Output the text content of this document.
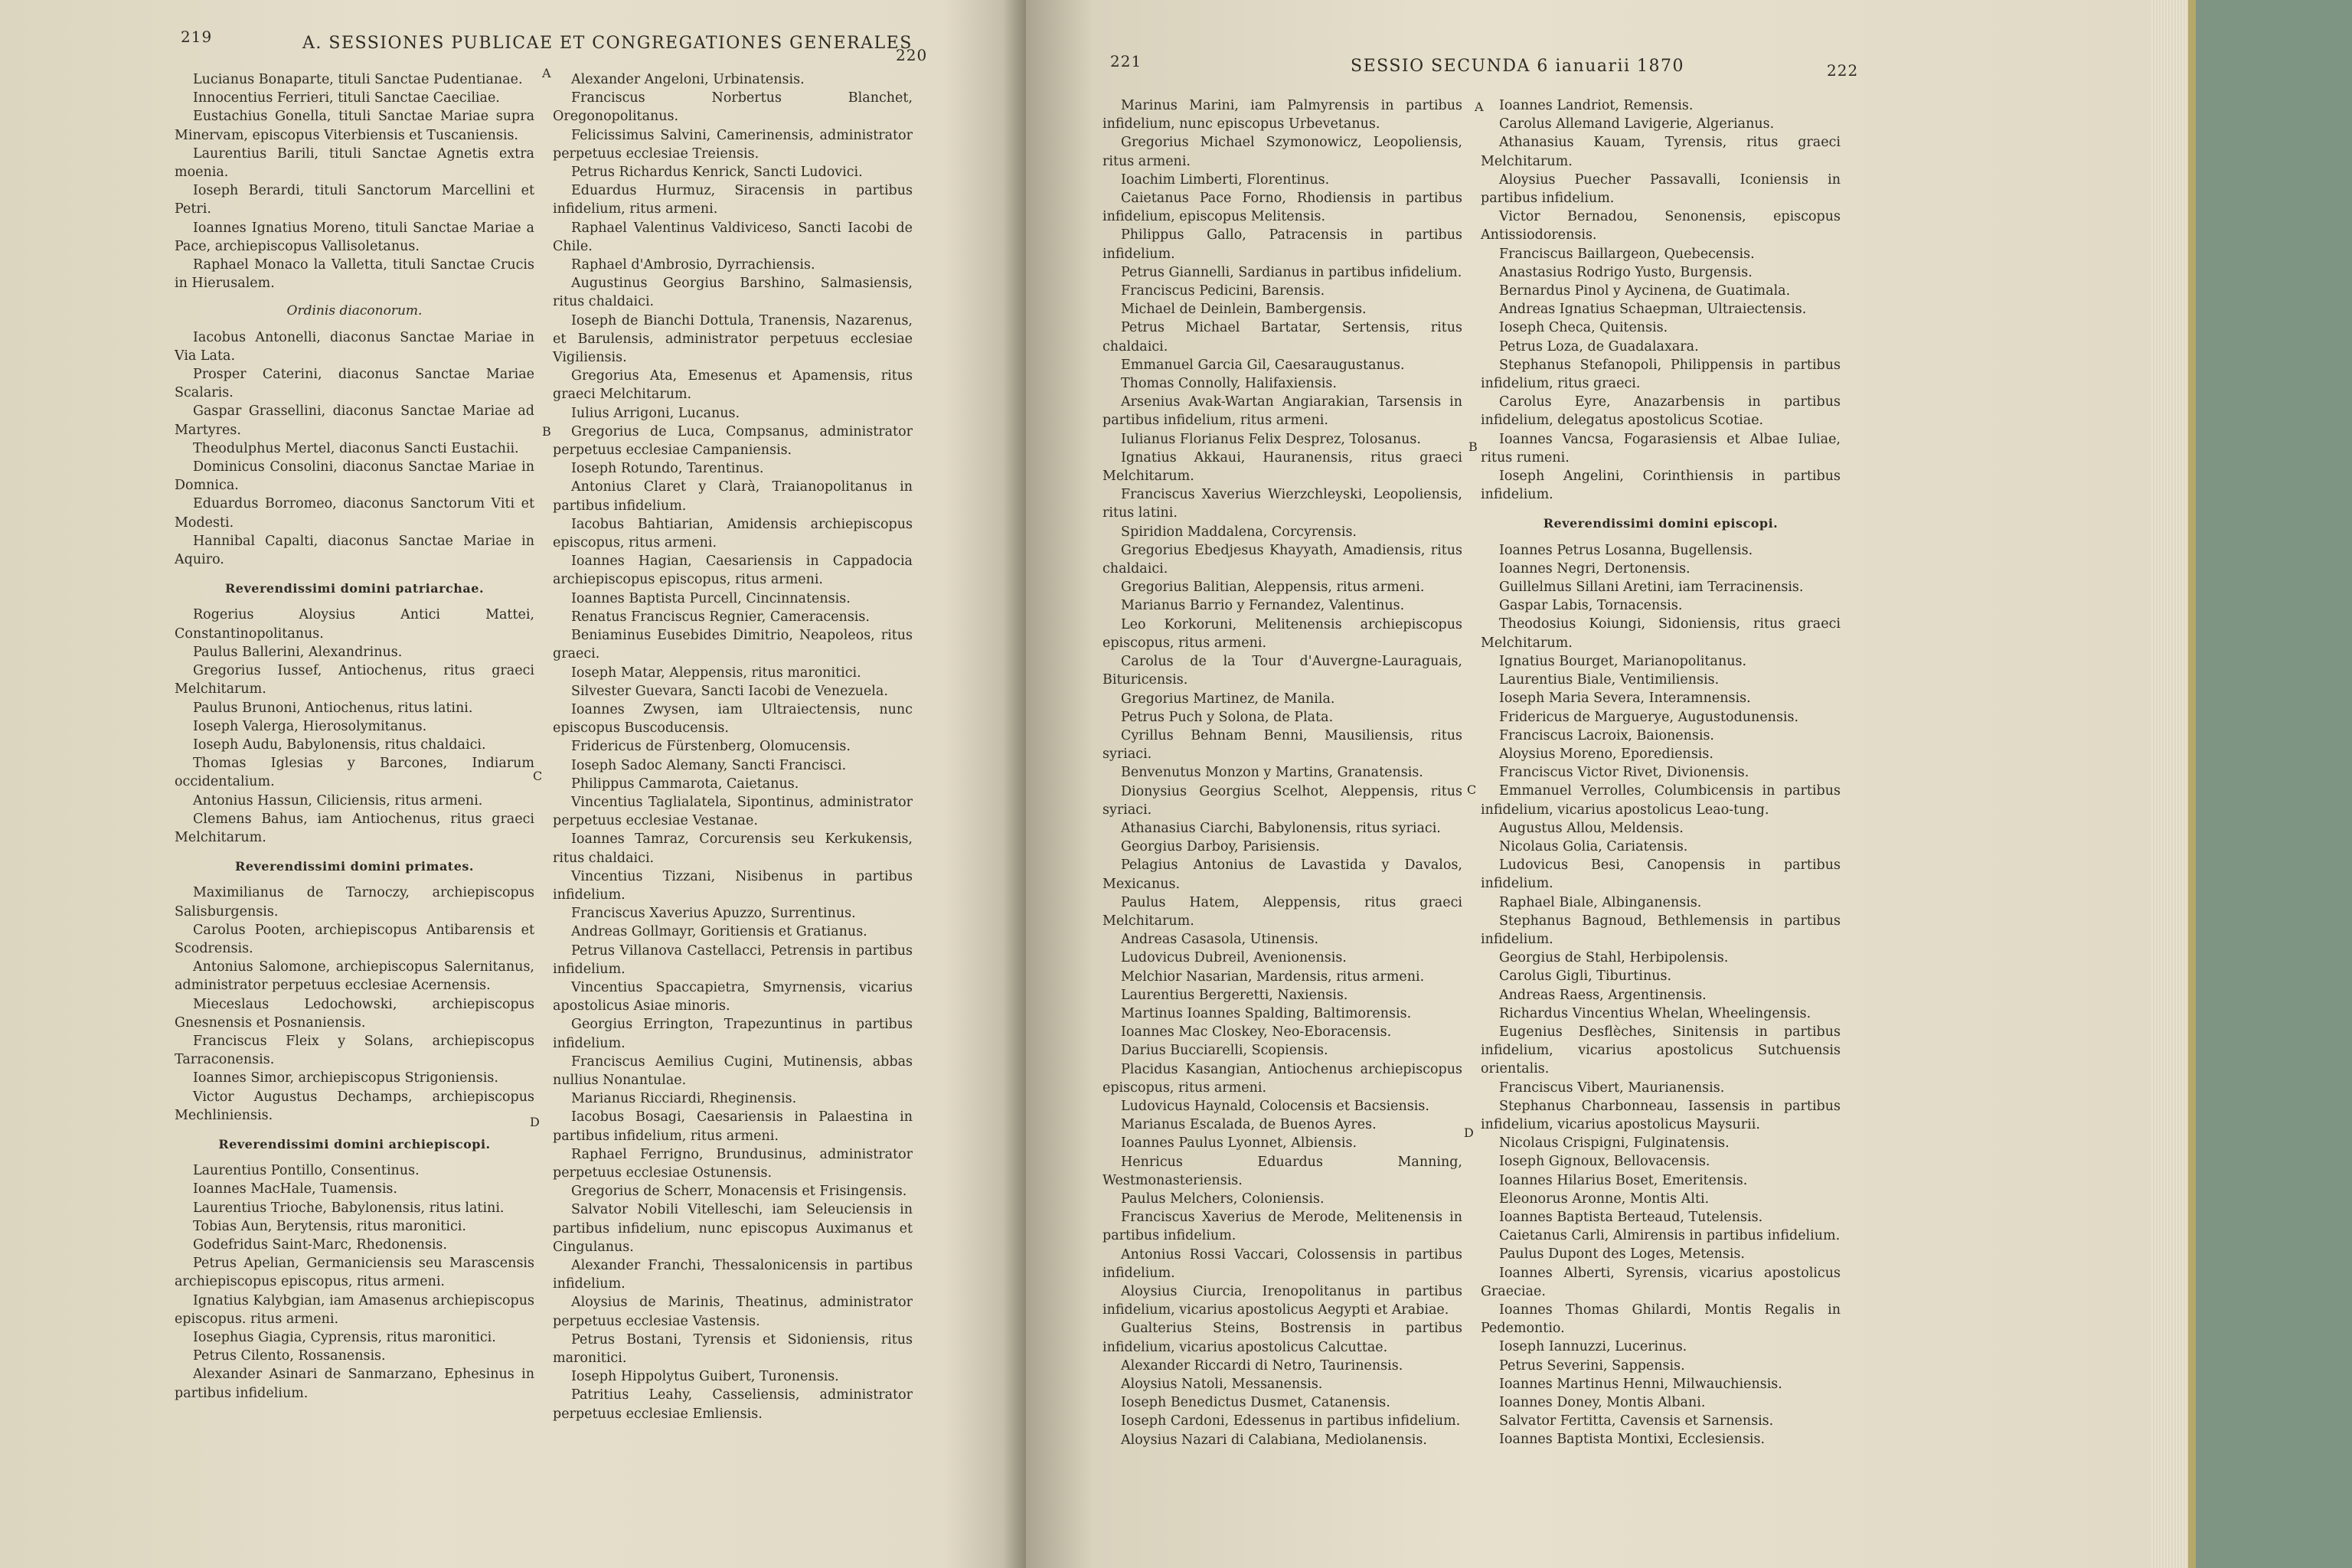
219	A. SESSIONES PUBLICAE ET CONGREGATIONES GENERALES
220

Lucianus Bonaparte, tituli Sanctae Pudentianae.

Innocentius Ferrieri, tituli Sanctae Caeciliae.

Eustachius Gonella, tituli Sanctae Mariae supra Minervam, episcopus Viterbiensis et Tuscaniensis.

Laurentius Barili, tituli Sanctae Agnetis extra moenia.

Ioseph Berardi, tituli Sanctorum Marcellini et Petri.

Ioannes Ignatius Moreno, tituli Sanctae Mariae a Pace, archiepiscopus Vallisoletanus.

Raphael Monaco la Valletta, tituli Sanctae Crucis in Hierusalem.

Ordinis diaconorum.

Iacobus Antonelli, diaconus Sanctae Mariae in Via Lata.

Prosper Caterini, diaconus Sanctae Mariae Scalaris.

Gaspar Grassellini, diaconus Sanctae Mariae ad Martyres.

Theodulphus Mertel, diaconus Sancti Eustachii.

Dominicus Consolini, diaconus Sanctae Mariae in Domnica.

Eduardus Borromeo, diaconus Sanctorum Viti et Modesti.

Hannibal Capalti, diaconus Sanctae Mariae in Aquiro.

Reverendissimi domini patriarchae.

Rogerius Aloysius Antici Mattei, Constantinopolitanus.

Paulus Ballerini, Alexandrinus.

Gregorius Iussef, Antiochenus, ritus graeci Melchitarum.

Paulus Brunoni, Antiochenus, ritus latini.

Ioseph Valerga, Hierosolymitanus.

Ioseph Audu, Babylonensis, ritus chaldaici.

Thomas Iglesias y Barcones, Indiarum occidentalium.

Antonius Hassun, Ciliciensis, ritus armeni.

Clemens Bahus, iam Antiochenus, ritus graeci Melchitarum.

Reverendissimi domini primates.

Maximilianus de Tarnoczy, archiepiscopus Salisburgensis.

Carolus Pooten, archiepiscopus Antibarensis et Scodrensis.

Antonius Salomone, archiepiscopus Salernitanus, administrator perpetuus ecclesiae Acernensis.

Mieceslaus Ledochowski, archiepiscopus Gnesnensis et Posnaniensis.

Franciscus Fleix y Solans, archiepiscopus Tarraconensis.

Ioannes Simor, archiepiscopus Strigoniensis.

Victor Augustus Dechamps, archiepiscopus Mechliniensis.

Reverendissimi domini archiepiscopi.

Laurentius Pontillo, Consentinus.

Ioannes MacHale, Tuamensis.

Laurentius Trioche, Babylonensis, ritus latini.

Tobias Aun, Berytensis, ritus maronitici.

Godefridus Saint-Marc, Rhedonensis.

Petrus Apelian, Germaniciensis seu Marascensis archiepiscopus episcopus, ritus armeni.

Ignatius Kalybgian, iam Amasenus archiepiscopus episcopus. ritus armeni.

Iosephus Giagia, Cyprensis, ritus maronitici.

Petrus Cilento, Rossanensis.

Alexander Asinari de Sanmarzano, Ephesinus in partibus infidelium.

Alexander Angeloni, Urbinatensis.

Franciscus Norbertus Blanchet, Oregonopolitanus.

Felicissimus Salvini, Camerinensis, administrator perpetuus ecclesiae Treiensis.

Petrus Richardus Kenrick, Sancti Ludovici.

Eduardus Hurmuz, Siracensis in partibus infidelium, ritus armeni.

Raphael Valentinus Valdiviceso, Sancti Iacobi de Chile.

Raphael d'Ambrosio, Dyrrachiensis.

Augustinus Georgius Barshino, Salmasiensis, ritus chaldaici.

Ioseph de Bianchi Dottula, Tranensis, Nazarenus, et Barulensis, administrator perpetuus ecclesiae Vigiliensis.

Gregorius Ata, Emesenus et Apamensis, ritus graeci Melchitarum.

Iulius Arrigoni, Lucanus.

Gregorius de Luca, Compsanus, administrator perpetuus ecclesiae Campaniensis.

Ioseph Rotundo, Tarentinus.

Antonius Claret y Clarà, Traianopolitanus in partibus infidelium.

Iacobus Bahtiarian, Amidensis archiepiscopus episcopus, ritus armeni.

Ioannes Hagian, Caesariensis in Cappadocia archiepiscopus episcopus, ritus armeni.

Ioannes Baptista Purcell, Cincinnatensis.

Renatus Franciscus Regnier, Cameracensis.

Beniaminus Eusebides Dimitrio, Neapoleos, ritus graeci.

Ioseph Matar, Aleppensis, ritus maronitici.

Silvester Guevara, Sancti Iacobi de Venezuela.

Ioannes Zwysen, iam Ultraiectensis, nunc episcopus Buscoducensis.

Fridericus de Fürstenberg, Olomucensis.

Ioseph Sadoc Alemany, Sancti Francisci.

Philippus Cammarota, Caietanus.

Vincentius Taglialatela, Sipontinus, administrator perpetuus ecclesiae Vestanae.

Ioannes Tamraz, Corcurensis seu Kerkukensis, ritus chaldaici.

Vincentius Tizzani, Nisibenus in partibus infidelium.

Franciscus Xaverius Apuzzo, Surrentinus.

Andreas Gollmayr, Goritiensis et Gratianus.

Petrus Villanova Castellacci, Petrensis in partibus infidelium.

Vincentius Spaccapietra, Smyrnensis, vicarius apostolicus Asiae minoris.

Georgius Errington, Trapezuntinus in partibus infidelium.

Franciscus Aemilius Cugini, Mutinensis, abbas nullius Nonantulae.

Marianus Ricciardi, Rheginensis.

Iacobus Bosagi, Caesariensis in Palaestina in partibus infidelium, ritus armeni.

Raphael Ferrigno, Brundusinus, administrator perpetuus ecclesiae Ostunensis.

Gregorius de Scherr, Monacensis et Frisingensis.

Salvator Nobili Vitelleschi, iam Seleuciensis in partibus infidelium, nunc episcopus Auximanus et Cingulanus.

Alexander Franchi, Thessalonicensis in partibus infidelium.

Aloysius de Marinis, Theatinus, administrator perpetuus ecclesiae Vastensis.

Petrus Bostani, Tyrensis et Sidoniensis, ritus maronitici.

Ioseph Hippolytus Guibert, Turonensis.

Patritius Leahy, Casseliensis, administrator perpetuus ecclesiae Emliensis.

A
B
C
D
221	SESSIO SECUNDA 6 ianuarii 1870	222

Marinus Marini, iam Palmyrensis in partibus infidelium, nunc episcopus Urbevetanus.

Gregorius Michael Szymonowicz, Leopoliensis, ritus armeni.

Ioachim Limberti, Florentinus.

Caietanus Pace Forno, Rhodiensis in partibus infidelium, episcopus Melitensis.

Philippus Gallo, Patracensis in partibus infidelium.

Petrus Giannelli, Sardianus in partibus infidelium.

Franciscus Pedicini, Barensis.

Michael de Deinlein, Bambergensis.

Petrus Michael Bartatar, Sertensis, ritus chaldaici.

Emmanuel Garcia Gil, Caesaraugustanus.

Thomas Connolly, Halifaxiensis.

Arsenius Avak-Wartan Angiarakian, Tarsensis in partibus infidelium, ritus armeni.

Iulianus Florianus Felix Desprez, Tolosanus.

Ignatius Akkaui, Hauranensis, ritus graeci Melchitarum.

Franciscus Xaverius Wierzchleyski, Leopoliensis, ritus latini.

Spiridion Maddalena, Corcyrensis.

Gregorius Ebedjesus Khayyath, Amadiensis, ritus chaldaici.

Gregorius Balitian, Aleppensis, ritus armeni.

Marianus Barrio y Fernandez, Valentinus.

Leo Korkoruni, Melitenensis archiepiscopus episcopus, ritus armeni.

Carolus de la Tour d'Auvergne-Lauraguais, Bituricensis.

Gregorius Martinez, de Manila.

Petrus Puch y Solona, de Plata.

Cyrillus Behnam Benni, Mausiliensis, ritus syriaci.

Benvenutus Monzon y Martins, Granatensis.

Dionysius Georgius Scelhot, Aleppensis, ritus syriaci.

Athanasius Ciarchi, Babylonensis, ritus syriaci.

Georgius Darboy, Parisiensis.

Pelagius Antonius de Lavastida y Davalos, Mexicanus.

Paulus Hatem, Aleppensis, ritus graeci Melchitarum.

Andreas Casasola, Utinensis.

Ludovicus Dubreil, Avenionensis.

Melchior Nasarian, Mardensis, ritus armeni.

Laurentius Bergeretti, Naxiensis.

Martinus Ioannes Spalding, Baltimorensis.

Ioannes Mac Closkey, Neo-Eboracensis.

Darius Bucciarelli, Scopiensis.

Placidus Kasangian, Antiochenus archiepiscopus episcopus, ritus armeni.

Ludovicus Haynald, Colocensis et Bacsiensis.

Marianus Escalada, de Buenos Ayres.

Ioannes Paulus Lyonnet, Albiensis.

Henricus Eduardus Manning, Westmonasteriensis.

Paulus Melchers, Coloniensis.

Franciscus Xaverius de Merode, Melitenensis in partibus infidelium.

Antonius Rossi Vaccari, Colossensis in partibus infidelium.

Aloysius Ciurcia, Irenopolitanus in partibus infidelium, vicarius apostolicus Aegypti et Arabiae.

Gualterius Steins, Bostrensis in partibus infidelium, vicarius apostolicus Calcuttae.

Alexander Riccardi di Netro, Taurinensis.

Aloysius Natoli, Messanensis.

Ioseph Benedictus Dusmet, Catanensis.

Ioseph Cardoni, Edessenus in partibus infidelium.

Aloysius Nazari di Calabiana, Mediolanensis.

Ioannes Landriot, Remensis.

Carolus Allemand Lavigerie, Algerianus.

Athanasius Kauam, Tyrensis, ritus graeci Melchitarum.

Aloysius Puecher Passavalli, Iconiensis in partibus infidelium.

Victor Bernadou, Senonensis, episcopus Antissiodorensis.

Franciscus Baillargeon, Quebecensis.

Anastasius Rodrigo Yusto, Burgensis.

Bernardus Pinol y Aycinena, de Guatimala.

Andreas Ignatius Schaepman, Ultraiectensis.

Ioseph Checa, Quitensis.

Petrus Loza, de Guadalaxara.

Stephanus Stefanopoli, Philippensis in partibus infidelium, ritus graeci.

Carolus Eyre, Anazarbensis in partibus infidelium, delegatus apostolicus Scotiae.

Ioannes Vancsa, Fogarasiensis et Albae Iuliae, ritus rumeni.

Ioseph Angelini, Corinthiensis in partibus infidelium.

Reverendissimi domini episcopi.

Ioannes Petrus Losanna, Bugellensis.

Ioannes Negri, Dertonensis.

Guillelmus Sillani Aretini, iam Terracinensis.

Gaspar Labis, Tornacensis.

Theodosius Koiungi, Sidoniensis, ritus graeci Melchitarum.

Ignatius Bourget, Marianopolitanus.

Laurentius Biale, Ventimiliensis.

Ioseph Maria Severa, Interamnensis.

Fridericus de Marguerye, Augustodunensis.

Franciscus Lacroix, Baionensis.

Aloysius Moreno, Eporediensis.

Franciscus Victor Rivet, Divionensis.

Emmanuel Verrolles, Columbicensis in partibus infidelium, vicarius apostolicus Leao-tung.

Augustus Allou, Meldensis.

Nicolaus Golia, Cariatensis.

Ludovicus Besi, Canopensis in partibus infidelium.

Raphael Biale, Albinganensis.

Stephanus Bagnoud, Bethlemensis in partibus infidelium.

Georgius de Stahl, Herbipolensis.

Carolus Gigli, Tiburtinus.

Andreas Raess, Argentinensis.

Richardus Vincentius Whelan, Wheelingensis.

Eugenius Desflèches, Sinitensis in partibus infidelium, vicarius apostolicus Sutchuensis orientalis.

Franciscus Vibert, Maurianensis.

Stephanus Charbonneau, Iassensis in partibus infidelium, vicarius apostolicus Maysurii.

Nicolaus Crispigni, Fulginatensis.

Ioseph Gignoux, Bellovacensis.

Ioannes Hilarius Boset, Emeritensis.

Eleonorus Aronne, Montis Alti.

Ioannes Baptista Berteaud, Tutelensis.

Caietanus Carli, Almirensis in partibus infidelium.

Paulus Dupont des Loges, Metensis.

Ioannes Alberti, Syrensis, vicarius apostolicus Graeciae.

Ioannes Thomas Ghilardi, Montis Regalis in Pedemontio.

Ioseph Iannuzzi, Lucerinus.

Petrus Severini, Sappensis.

Ioannes Martinus Henni, Milwauchiensis.

Ioannes Doney, Montis Albani.

Salvator Fertitta, Cavensis et Sarnensis.

Ioannes Baptista Montixi, Ecclesiensis.

A
B
C
D
